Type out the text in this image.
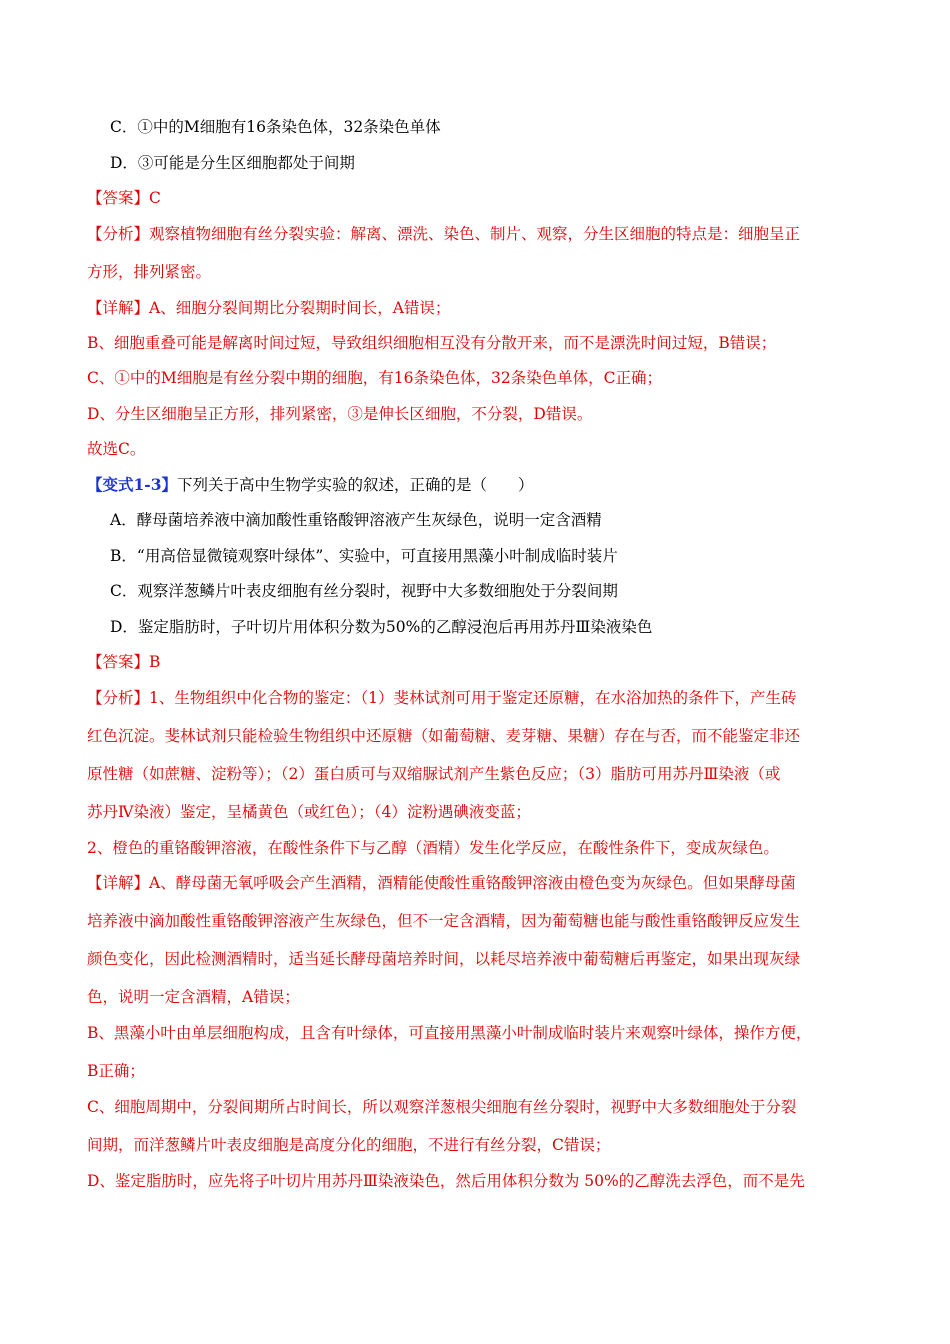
C．①中的M细胞有16条染色体，32条染色单体
D．③可能是分生区细胞都处于间期
【答案】C
【分析】观察植物细胞有丝分裂实验：解离、漂洗、染色、制片、观察，分生区细胞的特点是：细胞呈正
方形，排列紧密。
【详解】A、细胞分裂间期比分裂期时间长，A错误；
B、细胞重叠可能是解离时间过短，导致组织细胞相互没有分散开来，而不是漂洗时间过短，B错误；
C、①中的M细胞是有丝分裂中期的细胞，有16条染色体，32条染色单体，C正确；
D、分生区细胞呈正方形，排列紧密，③是伸长区细胞，不分裂，D错误。
故选C。
【变式1-3】下列关于高中生物学实验的叙述，正确的是（　　）
A．酵母菌培养液中滴加酸性重铬酸钾溶液产生灰绿色，说明一定含酒精
B．“用高倍显微镜观察叶绿体”、实验中，可直接用黑藻小叶制成临时装片
C．观察洋葱鳞片叶表皮细胞有丝分裂时，视野中大多数细胞处于分裂间期
D．鉴定脂肪时，子叶切片用体积分数为50%的乙醇浸泡后再用苏丹Ⅲ染液染色
【答案】B
【分析】1、生物组织中化合物的鉴定：（1）斐林试剂可用于鉴定还原糖，在水浴加热的条件下，产生砖
红色沉淀。斐林试剂只能检验生物组织中还原糖（如葡萄糖、麦芽糖、果糖）存在与否，而不能鉴定非还
原性糖（如蔗糖、淀粉等）；（2）蛋白质可与双缩脲试剂产生紫色反应；（3）脂肪可用苏丹Ⅲ染液（或
苏丹Ⅳ染液）鉴定，呈橘黄色（或红色）；（4）淀粉遇碘液变蓝；
2、橙色的重铬酸钾溶液，在酸性条件下与乙醇（酒精）发生化学反应，在酸性条件下，变成灰绿色。
【详解】A、酵母菌无氧呼吸会产生酒精，酒精能使酸性重铬酸钾溶液由橙色变为灰绿色。但如果酵母菌
培养液中滴加酸性重铬酸钾溶液产生灰绿色，但不一定含酒精，因为葡萄糖也能与酸性重铬酸钾反应发生
颜色变化，因此检测酒精时，适当延长酵母菌培养时间，以耗尽培养液中葡萄糖后再鉴定，如果出现灰绿
色，说明一定含酒精，A错误；
B、黑藻小叶由单层细胞构成，且含有叶绿体，可直接用黑藻小叶制成临时装片来观察叶绿体，操作方便，
B正确；
C、细胞周期中，分裂间期所占时间长，所以观察洋葱根尖细胞有丝分裂时，视野中大多数细胞处于分裂
间期，而洋葱鳞片叶表皮细胞是高度分化的细胞，不进行有丝分裂，C错误；
D、鉴定脂肪时，应先将子叶切片用苏丹Ⅲ染液染色，然后用体积分数为 50%的乙醇洗去浮色，而不是先
